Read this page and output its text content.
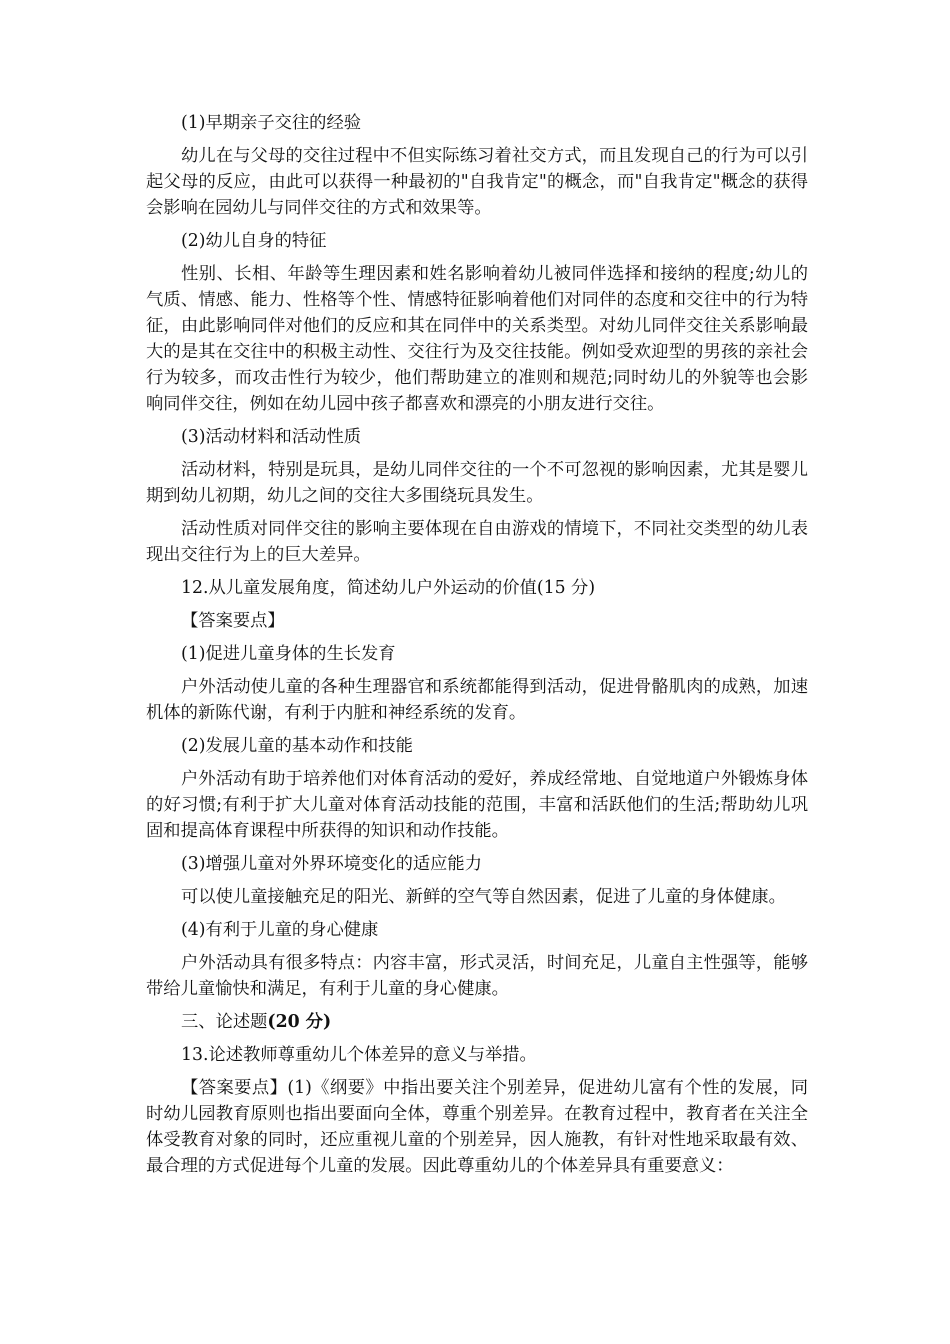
(1)早期亲子交往的经验

幼儿在与父母的交往过程中不但实际练习着社交方式，而且发现自己的行为可以引起父母的反应，由此可以获得一种最初的"自我肯定"的概念，而"自我肯定"概念的获得会影响在园幼儿与同伴交往的方式和效果等。

(2)幼儿自身的特征

性别、长相、年龄等生理因素和姓名影响着幼儿被同伴选择和接纳的程度;幼儿的气质、情感、能力、性格等个性、情感特征影响着他们对同伴的态度和交往中的行为特征，由此影响同伴对他们的反应和其在同伴中的关系类型。对幼儿同伴交往关系影响最大的是其在交往中的积极主动性、交往行为及交往技能。例如受欢迎型的男孩的亲社会行为较多，而攻击性行为较少，他们帮助建立的准则和规范;同时幼儿的外貌等也会影响同伴交往，例如在幼儿园中孩子都喜欢和漂亮的小朋友进行交往。

(3)活动材料和活动性质

活动材料，特别是玩具，是幼儿同伴交往的一个不可忽视的影响因素，尤其是婴儿期到幼儿初期，幼儿之间的交往大多围绕玩具发生。

活动性质对同伴交往的影响主要体现在自由游戏的情境下，不同社交类型的幼儿表现出交往行为上的巨大差异。

12.从儿童发展角度，简述幼儿户外运动的价值(15 分)

【答案要点】

(1)促进儿童身体的生长发育

户外活动使儿童的各种生理器官和系统都能得到活动，促进骨骼肌肉的成熟，加速机体的新陈代谢，有利于内脏和神经系统的发育。

(2)发展儿童的基本动作和技能

户外活动有助于培养他们对体育活动的爱好，养成经常地、自觉地道户外锻炼身体的好习惯;有利于扩大儿童对体育活动技能的范围，丰富和活跃他们的生活;帮助幼儿巩固和提高体育课程中所获得的知识和动作技能。

(3)增强儿童对外界环境变化的适应能力

可以使儿童接触充足的阳光、新鲜的空气等自然因素，促进了儿童的身体健康。

(4)有利于儿童的身心健康

户外活动具有很多特点：内容丰富，形式灵活，时间充足，儿童自主性强等，能够带给儿童愉快和满足，有利于儿童的身心健康。

三、论述题(20 分)

13.论述教师尊重幼儿个体差异的意义与举措。

【答案要点】(1)《纲要》中指出要关注个别差异，促进幼儿富有个性的发展，同时幼儿园教育原则也指出要面向全体，尊重个别差异。在教育过程中，教育者在关注全体受教育对象的同时，还应重视儿童的个别差异，因人施教，有针对性地采取最有效、最合理的方式促进每个儿童的发展。因此尊重幼儿的个体差异具有重要意义：
